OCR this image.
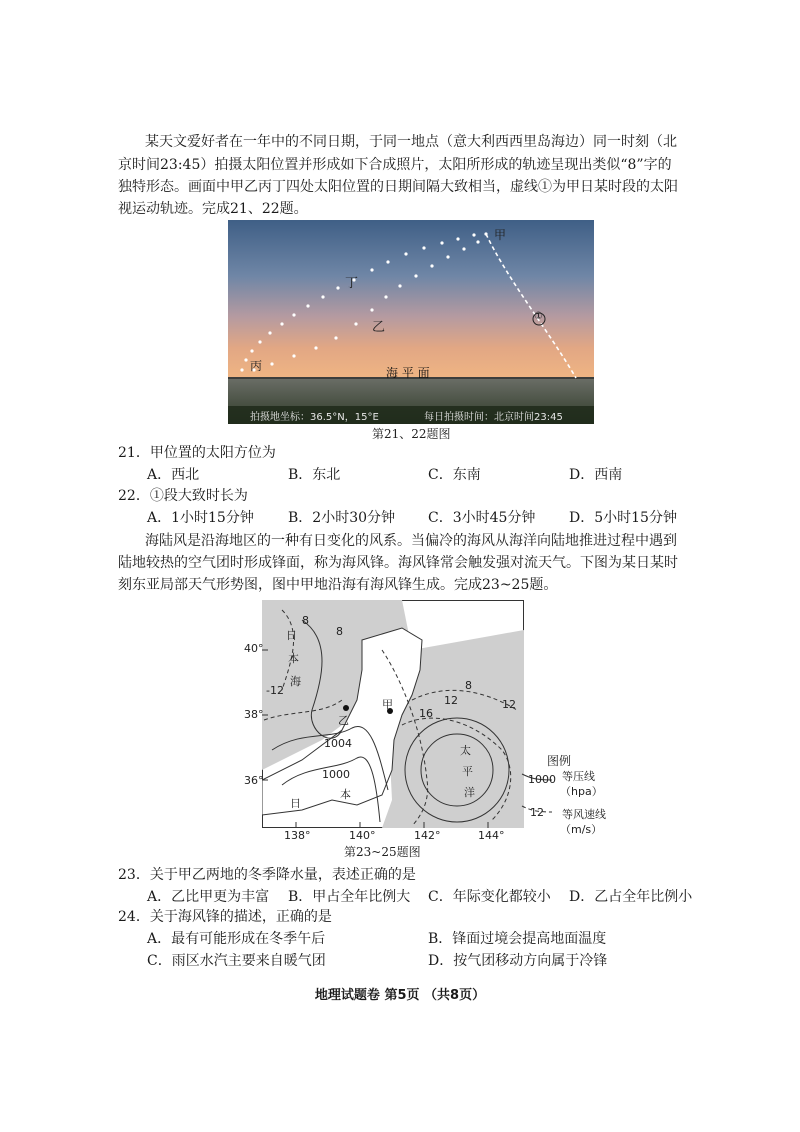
某天文爱好者在一年中的不同日期，于同一地点（意大利西西里岛海边）同一时刻（北
京时间23:45）拍摄太阳位置并形成如下合成照片，太阳所形成的轨迹呈现出类似“8”字的
独特形态。画面中甲乙丙丁四处太阳位置的日期间隔大致相当，虚线①为甲日某时段的太阳
视运动轨迹。完成21、22题。
甲
丁
乙
丙
①
海 平 面
拍摄地坐标：36.5°N，15°E	每日拍摄时间：北京时间23:45
第21、22题图
21．甲位置的太阳方位为
A．西北	B．东北	C．东南	D．西南
22．①段大致时长为
A．1小时15分钟 B．2小时30分钟 C．3小时45分钟 D．5小时15分钟
海陆风是沿海地区的一种有日变化的风系。当偏冷的海风从海洋向陆地推进过程中遇到
陆地较热的空气团时形成锋面，称为海风锋。海风锋常会触发强对流天气。下图为某日某时
刻东亚局部天气形势图，图中甲地沿海有海风锋生成。完成23~25题。
日
本
海
太
平
洋
日
本
甲
乙
8
8
8
-12
12	12
16
1004
1000
40°
38°
36°
138°	140°	142°	144°
第23~25题图
图例
1000 等压线
（hpa）
12 等风速线
（m/s）
23．关于甲乙两地的冬季降水量，表述正确的是
A．乙比甲更为丰富 B．甲占全年比例大 C．年际变化都较小 D．乙占全年比例小
24．关于海风锋的描述，正确的是
A．最有可能形成在冬季午后	B．锋面过境会提高地面温度
C．雨区水汽主要来自暖气团	D．按气团移动方向属于冷锋
地理试题卷 第5页 （共8页）
